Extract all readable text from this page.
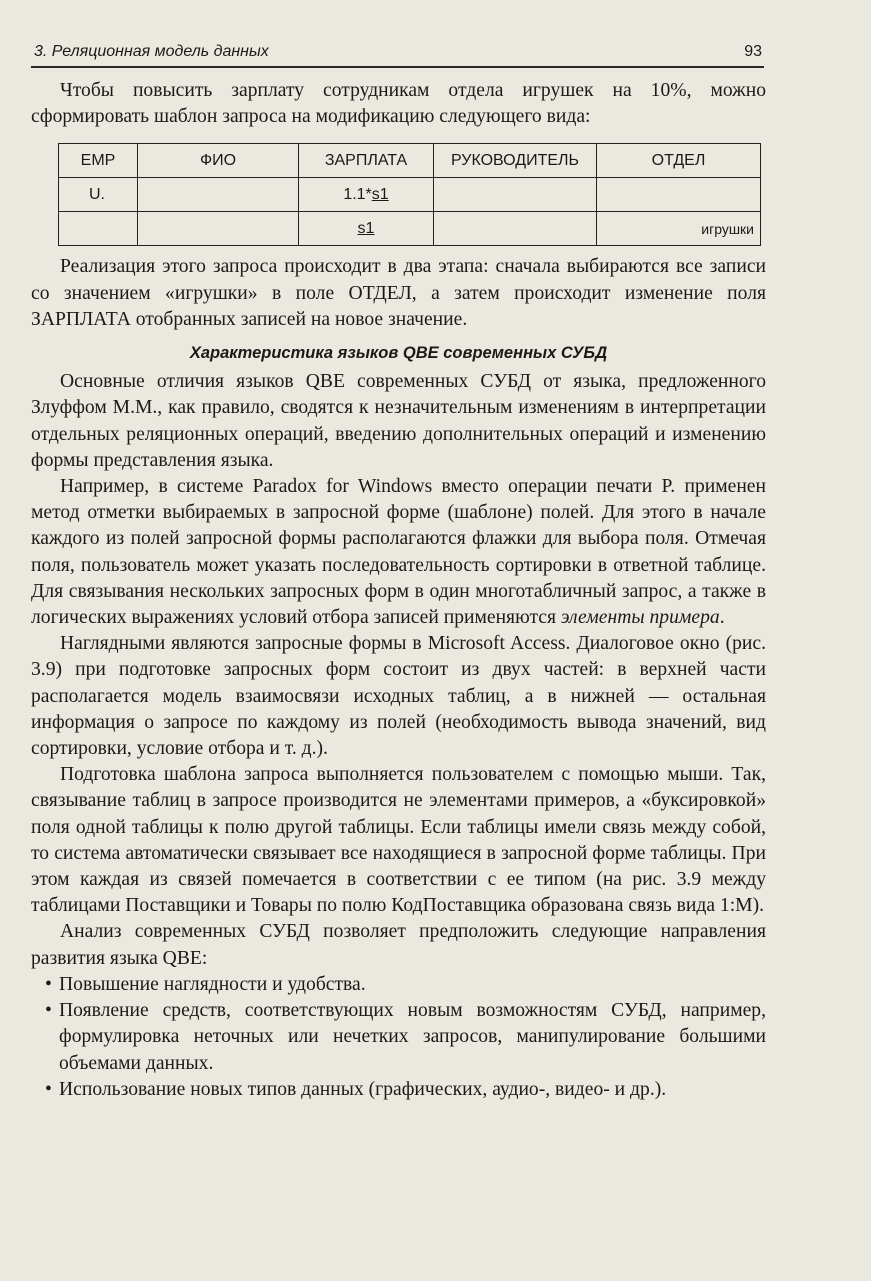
3. Реляционная модель данных	93

Чтобы повысить зарплату сотрудникам отдела игрушек на 10%, можно сформировать шаблон запроса на модификацию следующего вида:

ЕМР	ФИО	ЗАРПЛАТА	РУКОВОДИТЕЛЬ	ОТДЕЛ
U.		1.1*s1		
		s1		игрушки

Реализация этого запроса происходит в два этапа: сначала выбираются все записи со значением «игрушки» в поле ОТДЕЛ, а затем происходит изменение поля ЗАРПЛАТА отобранных записей на новое значение.

Характеристика языков QBE современных СУБД

Основные отличия языков QBE современных СУБД от языка, предложенного Злуффом М.М., как правило, сводятся к незначительным изменениям в интерпретации отдельных реляционных операций, введению дополнительных операций и изменению формы представления языка.

Например, в системе Paradox for Windows вместо операции печати P. применен метод отметки выбираемых в запросной форме (шаблоне) полей. Для этого в начале каждого из полей запросной формы располагаются флажки для выбора поля. Отмечая поля, пользователь может указать последовательность сортировки в ответной таблице. Для связывания нескольких запросных форм в один многотабличный запрос, а также в логических выражениях условий отбора записей применяются элементы примера.

Наглядными являются запросные формы в Microsoft Access. Диалоговое окно (рис. 3.9) при подготовке запросных форм состоит из двух частей: в верхней части располагается модель взаимосвязи исходных таблиц, а в нижней — остальная информация о запросе по каждому из полей (необходимость вывода значений, вид сортировки, условие отбора и т. д.).

Подготовка шаблона запроса выполняется пользователем с помощью мыши. Так, связывание таблиц в запросе производится не элементами примеров, а «буксировкой» поля одной таблицы к полю другой таблицы. Если таблицы имели связь между собой, то система автоматически связывает все находящиеся в запросной форме таблицы. При этом каждая из связей помечается в соответствии с ее типом (на рис. 3.9 между таблицами Поставщики и Товары по полю КодПоставщика образована связь вида 1:М).

Анализ современных СУБД позволяет предположить следующие направления развития языка QBE:

• Повышение наглядности и удобства.
• Появление средств, соответствующих новым возможностям СУБД, например, формулировка неточных или нечетких запросов, манипулирование большими объемами данных.
• Использование новых типов данных (графических, аудио-, видео- и др.).
